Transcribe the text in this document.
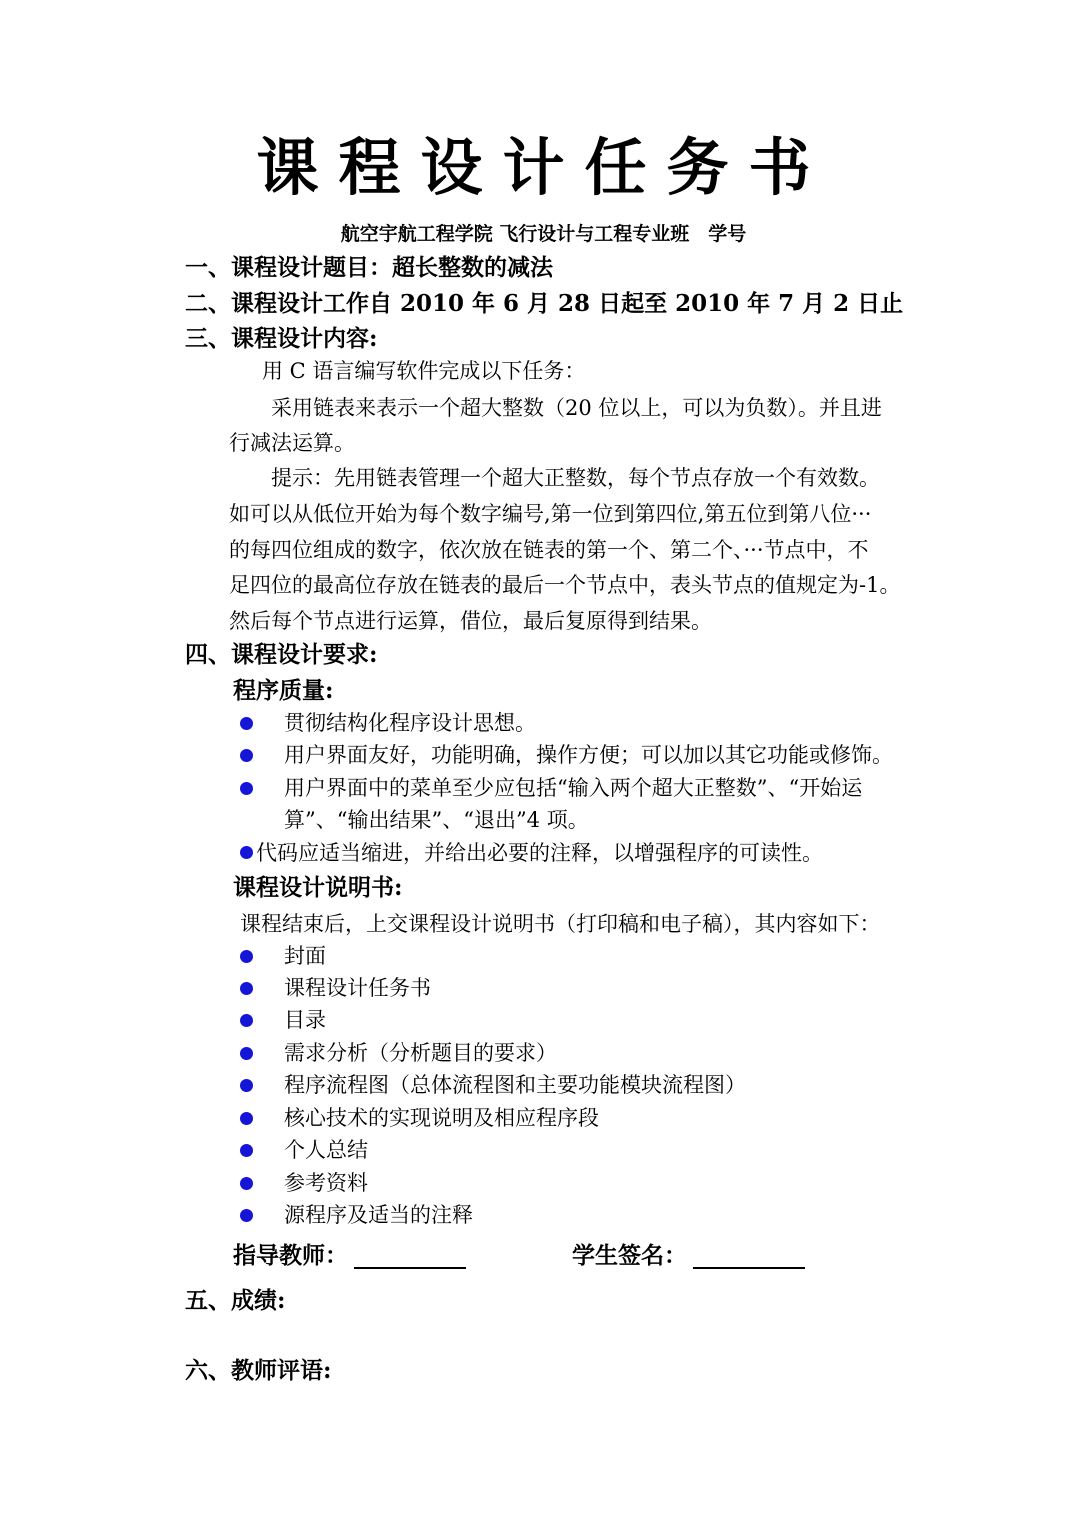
课程设计任务书
航空宇航工程学院 飞行设计与工程专业班　学号
一、课程设计题目：超长整数的减法
二、课程设计工作自 2010 年 6 月 28 日起至 2010 年 7 月 2 日止
三、课程设计内容:
用 C 语言编写软件完成以下任务：
采用链表来表示一个超大整数（20 位以上，可以为负数）。并且进
行减法运算。
提示：先用链表管理一个超大正整数，每个节点存放一个有效数。
如可以从低位开始为每个数字编号,第一位到第四位,第五位到第八位···
的每四位组成的数字，依次放在链表的第一个、第二个、···节点中，不
足四位的最高位存放在链表的最后一个节点中，表头节点的值规定为-1。
然后每个节点进行运算，借位，最后复原得到结果。
四、课程设计要求:
程序质量:
贯彻结构化程序设计思想。
用户界面友好，功能明确，操作方便；可以加以其它功能或修饰。
用户界面中的菜单至少应包括“输入两个超大正整数”、“开始运
算”、“输出结果”、“退出”4 项。
代码应适当缩进，并给出必要的注释，以增强程序的可读性。
课程设计说明书:
课程结束后，上交课程设计说明书（打印稿和电子稿），其内容如下：
封面
课程设计任务书
目录
需求分析（分析题目的要求）
程序流程图（总体流程图和主要功能模块流程图）
核心技术的实现说明及相应程序段
个人总结
参考资料
源程序及适当的注释
指导教师：	学生签名：
五、成绩:
六、教师评语:
